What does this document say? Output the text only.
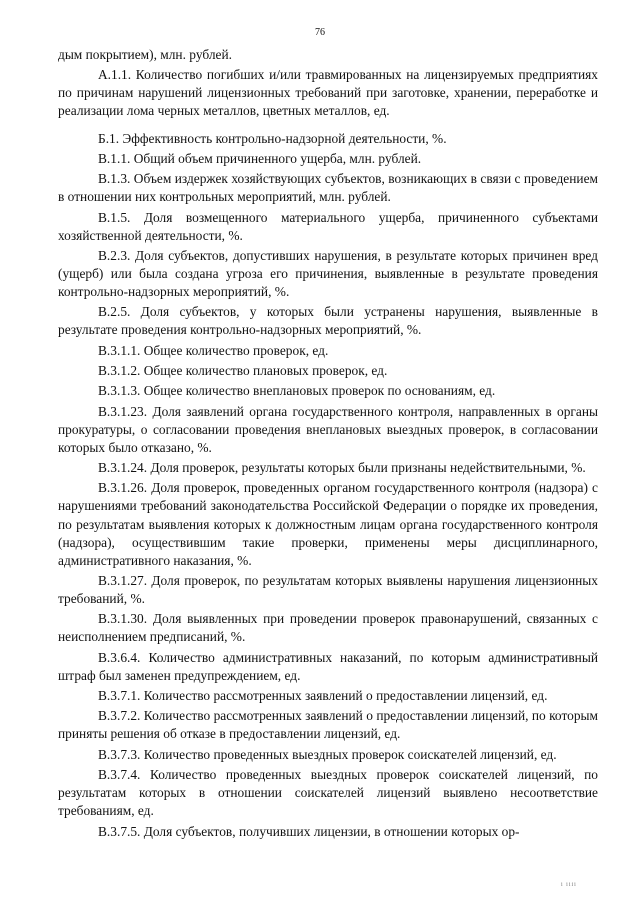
76

дым покрытием), млн. рублей.

А.1.1. Количество погибших и/или травмированных на лицензируемых предприятиях по причинам нарушений лицензионных требований при заготовке, хранении, переработке и реализации лома черных металлов, цветных металлов, ед.

Б.1. Эффективность контрольно-надзорной деятельности, %.

В.1.1. Общий объем причиненного ущерба, млн. рублей.

В.1.3. Объем издержек хозяйствующих субъектов, возникающих в связи с проведением в отношении них контрольных мероприятий, млн. рублей.

В.1.5. Доля возмещенного материального ущерба, причиненного субъектами хозяйственной деятельности, %.

В.2.3. Доля субъектов, допустивших нарушения, в результате которых причинен вред (ущерб) или была создана угроза его причинения, выявленные в результате проведения контрольно-надзорных мероприятий, %.

В.2.5. Доля субъектов, у которых были устранены нарушения, выявленные в результате проведения контрольно-надзорных мероприятий, %.

В.3.1.1. Общее количество проверок, ед.

В.3.1.2. Общее количество плановых проверок, ед.

В.3.1.3. Общее количество внеплановых проверок по основаниям, ед.

В.3.1.23. Доля заявлений органа государственного контроля, направленных в органы прокуратуры, о согласовании проведения внеплановых выездных проверок, в согласовании которых было отказано, %.

В.3.1.24. Доля проверок, результаты которых были признаны недействительными, %.

В.3.1.26. Доля проверок, проведенных органом государственного контроля (надзора) с нарушениями требований законодательства Российской Федерации о порядке их проведения, по результатам выявления которых к должностным лицам органа государственного контроля (надзора), осуществившим такие проверки, применены меры дисциплинарного, административного наказания, %.

В.3.1.27. Доля проверок, по результатам которых выявлены нарушения лицензионных требований, %.

В.3.1.30. Доля выявленных при проведении проверок правонарушений, связанных с неисполнением предписаний, %.

В.3.6.4. Количество административных наказаний, по которым административный штраф был заменен предупреждением, ед.

В.3.7.1. Количество рассмотренных заявлений о предоставлении лицензий, ед.

В.3.7.2. Количество рассмотренных заявлений о предоставлении лицензий, по которым приняты решения об отказе в предоставлении лицензий, ед.

В.3.7.3. Количество проведенных выездных проверок соискателей лицензий, ед.

В.3.7.4. Количество проведенных выездных проверок соискателей лицензий, по результатам которых в отношении соискателей лицензий выявлено несоответствие требованиям, ед.

В.3.7.5. Доля субъектов, получивших лицензии, в отношении которых ор-

i iiii
